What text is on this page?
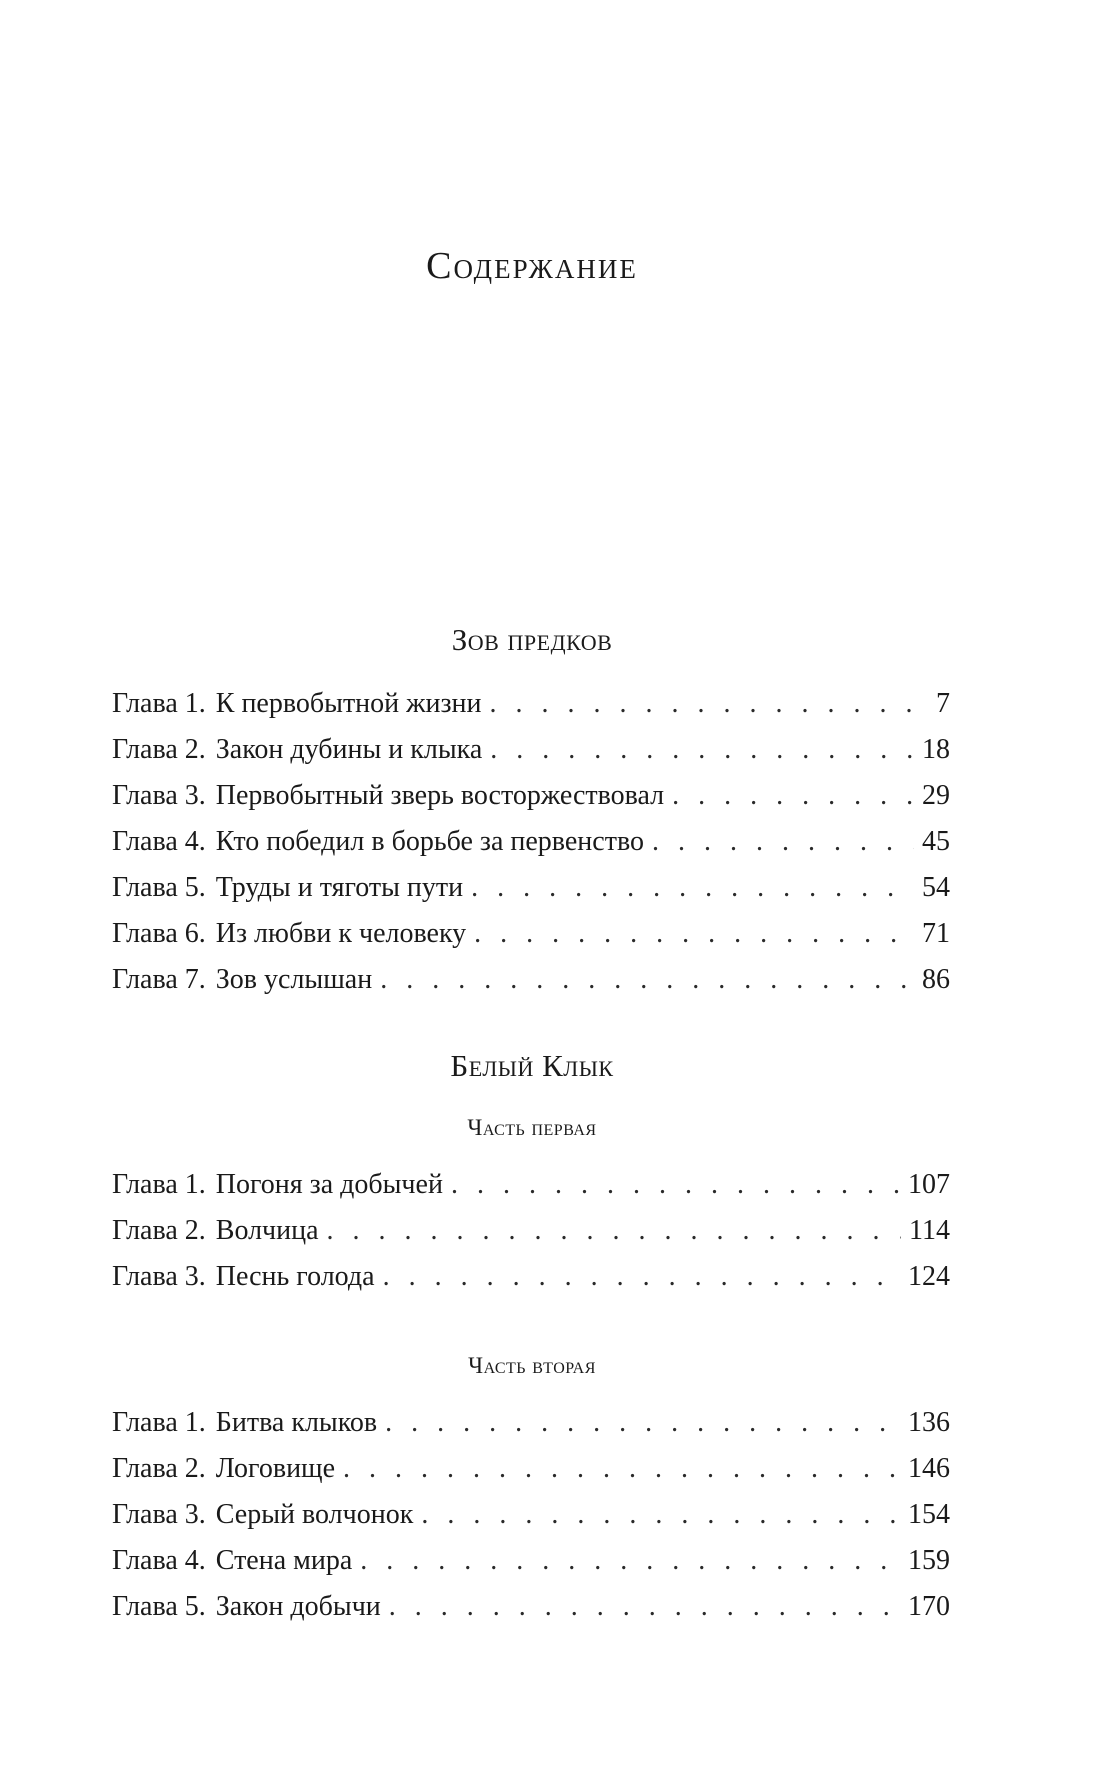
Содержание
Зов предков
Глава 1. К первобытной жизни . . .	7
Глава 2. Закон дубины и клыка . . .	18
Глава 3. Первобытный зверь восторжествовал . . .	29
Глава 4. Кто победил в борьбе за первенство . . .	45
Глава 5. Труды и тяготы пути . . .	54
Глава 6. Из любви к человеку . . .	71
Глава 7. Зов услышан . . .	86
Белый Клык
Часть первая
Глава 1. Погоня за добычей . . .	107
Глава 2. Волчица . . .	114
Глава 3. Песнь голода . . .	124
Часть вторая
Глава 1. Битва клыков . . .	136
Глава 2. Логовище . . .	146
Глава 3. Серый волчонок . . .	154
Глава 4. Стена мира . . .	159
Глава 5. Закон добычи . . .	170
